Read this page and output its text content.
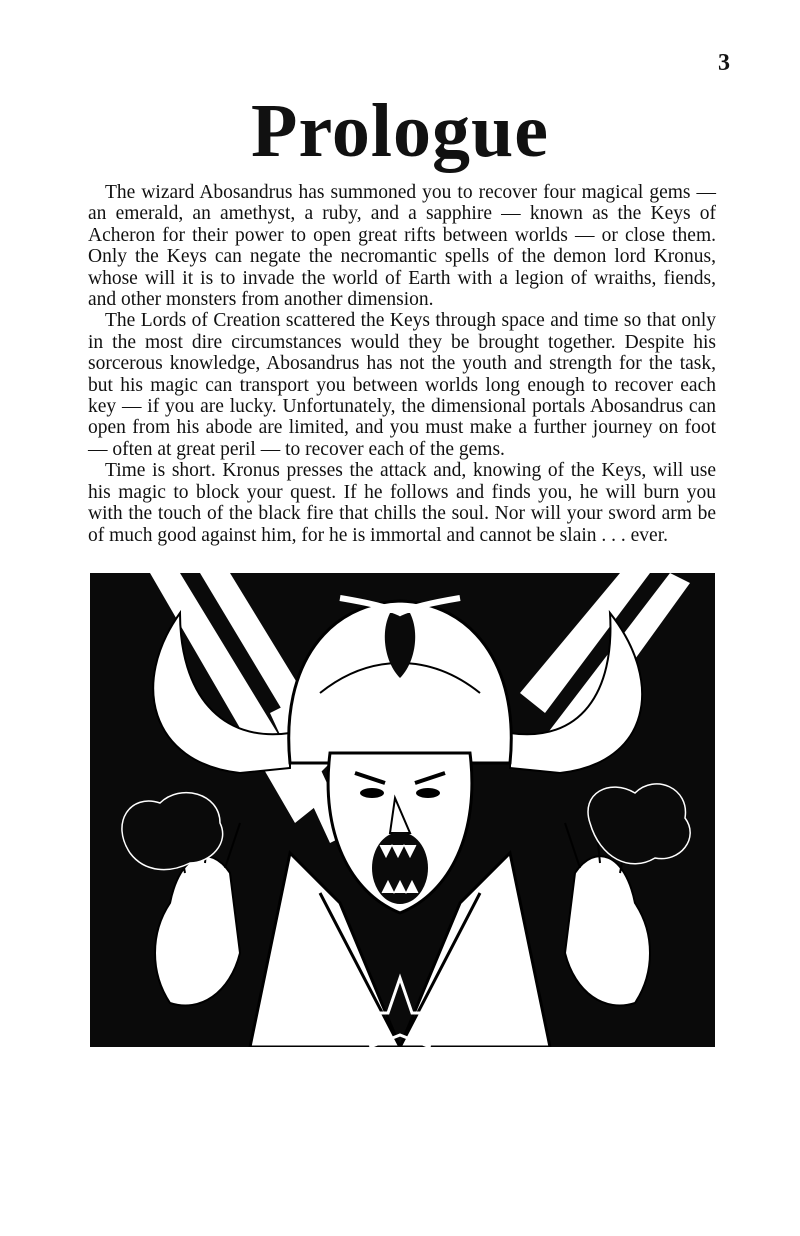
3
Prologue

The wizard Abosandrus has summoned you to recover four magical gems — an emerald, an amethyst, a ruby, and a sapphire — known as the Keys of Acheron for their power to open great rifts between worlds — or close them. Only the Keys can negate the necromantic spells of the demon lord Kronus, whose will it is to invade the world of Earth with a legion of wraiths, fiends, and other monsters from another dimension.

The Lords of Creation scattered the Keys through space and time so that only in the most dire circumstances would they be brought together. Despite his sorcerous knowledge, Abosandrus has not the youth and strength for the task, but his magic can transport you between worlds long enough to recover each key — if you are lucky. Unfortunately, the dimensional portals Abosandrus can open from his abode are limited, and you must make a further journey on foot — often at great peril — to recover each of the gems.

Time is short. Kronus presses the attack and, knowing of the Keys, will use his magic to block your quest. If he follows and finds you, he will burn you with the touch of the black fire that chills the soul. Nor will your sword arm be of much good against him, for he is immortal and cannot be slain . . . ever.
